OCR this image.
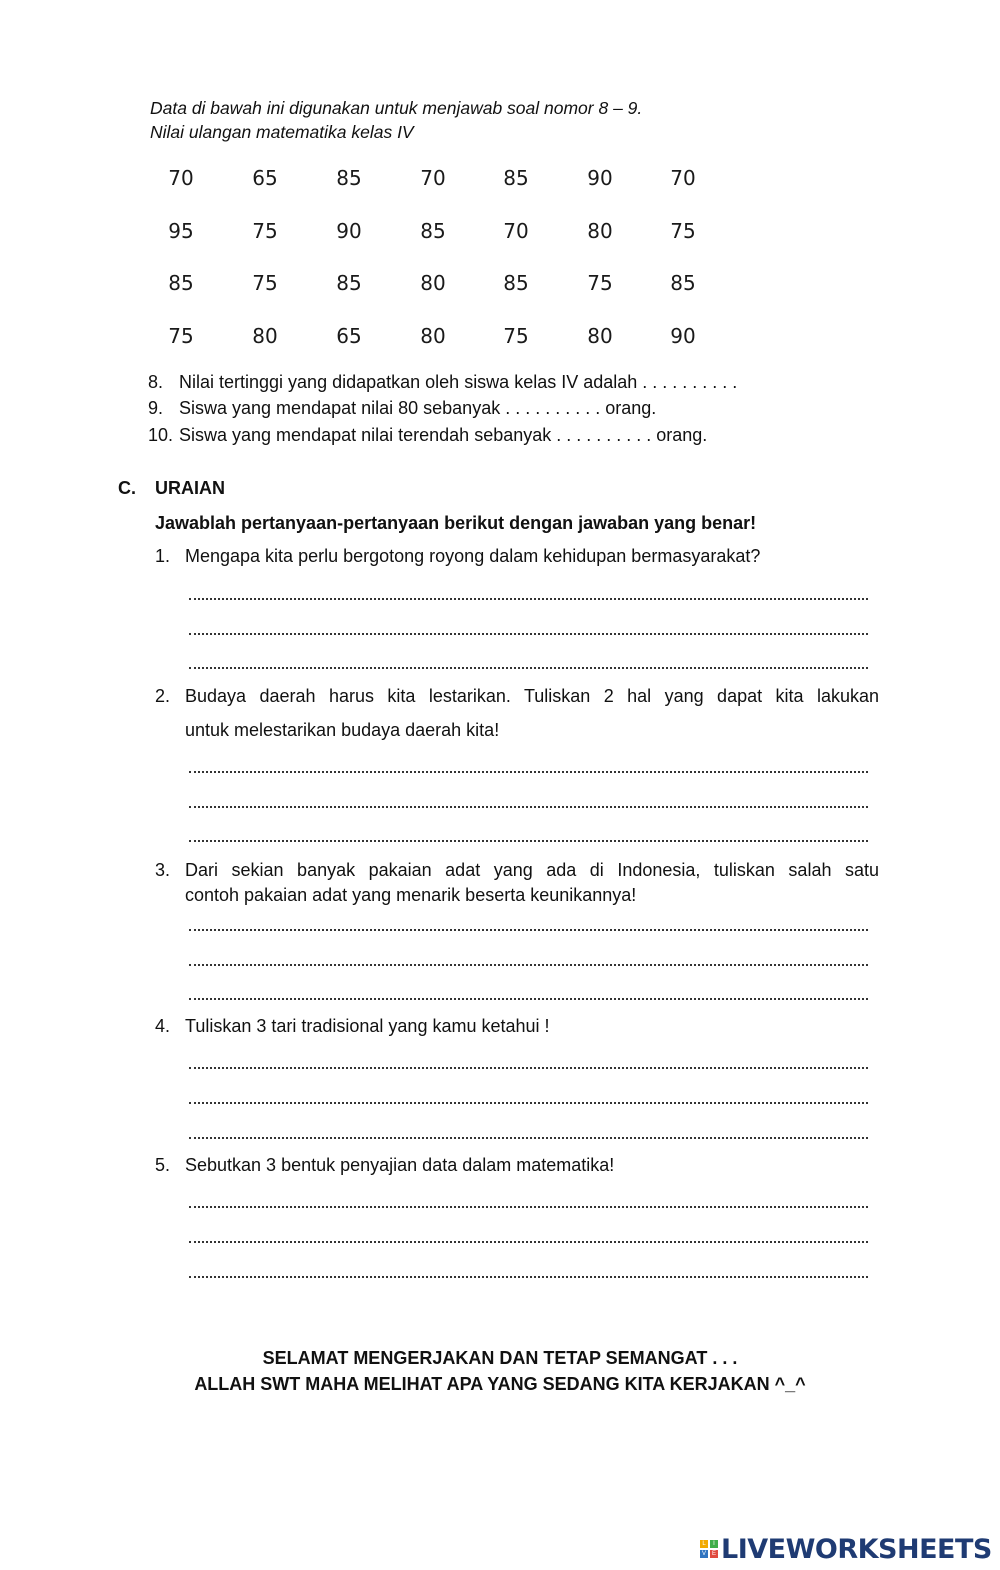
Data di bawah ini digunakan untuk menjawab soal nomor 8 – 9.
Nilai ulangan matematika kelas IV
70	65	85	70	85	90	70
95	75	90	85	70	80	75
85	75	85	80	85	75	85
75	80	65	80	75	80	90
8. Nilai tertinggi yang didapatkan oleh siswa kelas IV adalah . . . . . . . . . .
9. Siswa yang mendapat nilai 80 sebanyak . . . . . . . . . . orang.
10. Siswa yang mendapat nilai terendah sebanyak . . . . . . . . . . orang.
C. URAIAN
Jawablah pertanyaan-pertanyaan berikut dengan jawaban yang benar!
1. Mengapa kita perlu bergotong royong dalam kehidupan bermasyarakat?
2. Budaya daerah harus kita lestarikan. Tuliskan 2 hal yang dapat kita lakukan
untuk melestarikan budaya daerah kita!
3. Dari sekian banyak pakaian adat yang ada di Indonesia, tuliskan salah satu
contoh pakaian adat yang menarik beserta keunikannya!
4. Tuliskan 3 tari tradisional yang kamu ketahui !
5. Sebutkan 3 bentuk penyajian data dalam matematika!
SELAMAT MENGERJAKAN DAN TETAP SEMANGAT . . .
ALLAH SWT MAHA MELIHAT APA YANG SEDANG KITA KERJAKAN ^_^
L	I
V E LIVEWORKSHEETS
